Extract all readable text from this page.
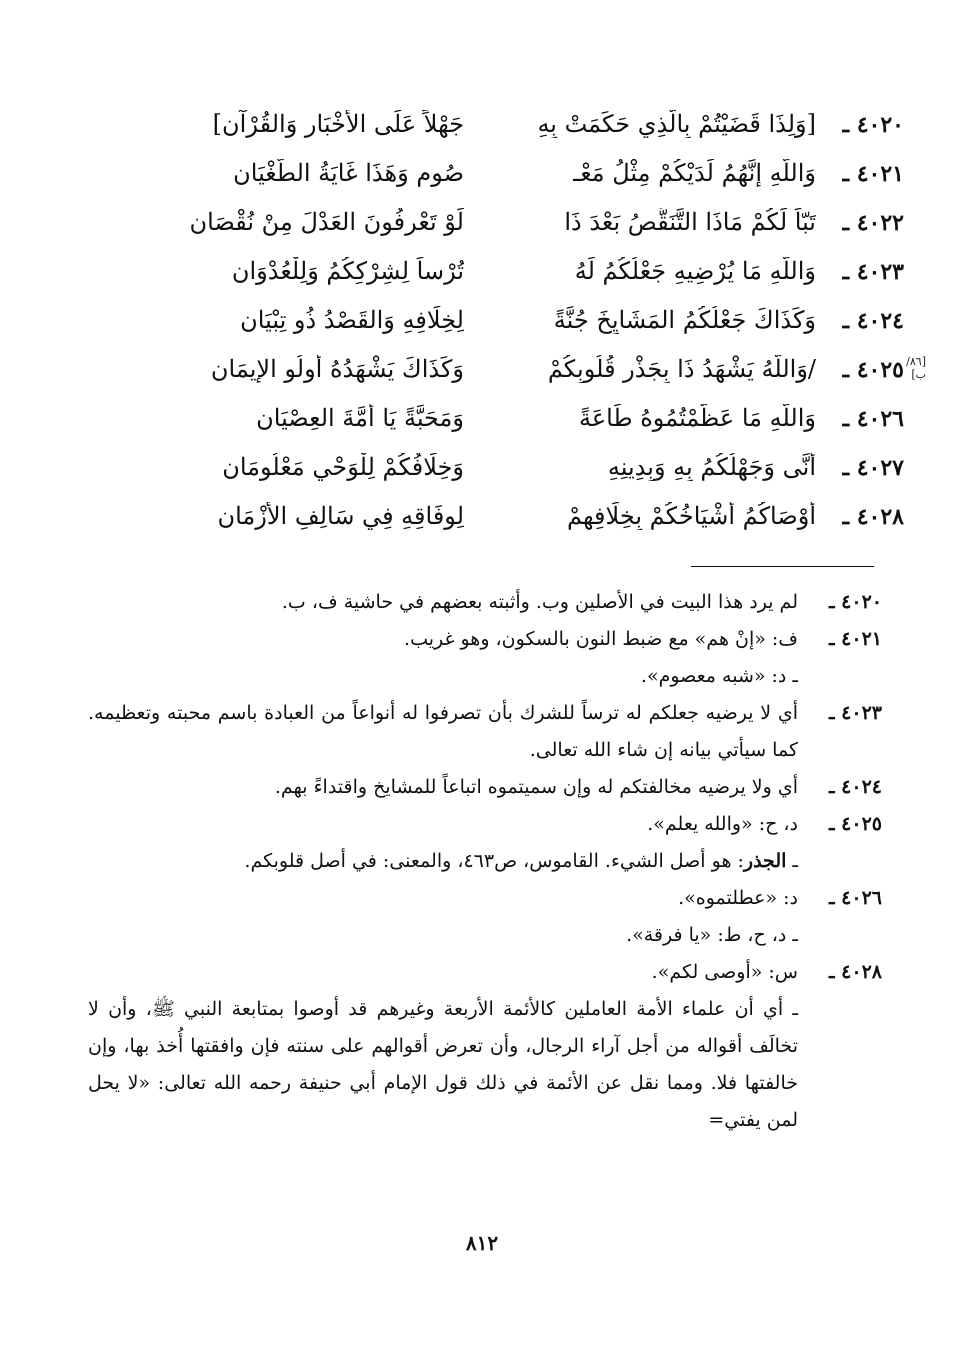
٤٠٢٠ ـ
[وَلِذَا قَضَيْتُمْ بِالَّذِي حَكَمَتْ بِهِ
جَهْلاً عَلَى الأخْبَارِ وَالقُرْآنِ]
٤٠٢١ ـ
وَاللَّهِ إِنَّهُمُ لَدَيْكُمْ مِثْلُ مَعْـ
صُومٍ وَهَذَا غَايَةُ الطُّغْيَانِ
٤٠٢٢ ـ
تَبّاً لَكُمْ مَاذَا التَّنَقُّصُ بَعْدَ ذَا
لَوْ تَعْرِفُونَ العَدْلَ مِنْ نُقْصَانِ
٤٠٢٣ ـ
وَاللَّهِ مَا يُرْضِيهِ جَعْلُكُمُ لَهُ
تُرْساً لِشِرْكِكُمُ وَلِلْعُدْوَانِ
٤٠٢٤ ـ
وَكَذَاكَ جَعْلُكُمُ المَشَايِخَ جُنَّةً
لِخِلَافِهِ وَالقَصْدُ ذُو تِبْيَانِ
[٨٦/ب]
٤٠٢٥ ـ
/وَاللَّهُ يَشْهَدُ ذَا بِجَذْرِ قُلُوبِكُمْ
وَكَذَاكَ يَشْهَدُهُ أُولُو الإِيمَانِ
٤٠٢٦ ـ
وَاللَّهِ مَا عَظَّمْتُمُوهُ طَاعَةً
وَمَحَبَّةً يَا أُمَّةَ العِصْيَانِ
٤٠٢٧ ـ
أَنَّى وَجَهْلُكُمُ بِهِ وَبِدِينِهِ
وَخِلَافُكُمْ لِلْوَحْيِ مَعْلُومَانِ
٤٠٢٨ ـ
أَوْصَاكُمُ أَشْيَاخُكُمْ بِخِلَافِهِمْ
لِوِفَاقِهِ فِي سَالِفِ الأزْمَانِ
٤٠٢٠ ـ
لم يرد هذا البيت في الأصلين وب. وأثبته بعضهم في حاشية ف، ب.
٤٠٢١ ـ
ف: «إنْ هم» مع ضبط النون بالسكون، وهو غريب.
ـ د: «شبه معصوم».
٤٠٢٣ ـ
أي لا يرضيه جعلكم له ترساً للشرك بأن تصرفوا له أنواعاً من العبادة باسم محبته وتعظيمه. كما سيأتي بيانه إن شاء الله تعالى.
٤٠٢٤ ـ
أي ولا يرضيه مخالفتكم له وإن سميتموه اتباعاً للمشايخ واقتداءً بهم.
٤٠٢٥ ـ
د، ح: «والله يعلم».
ـ الجذر: هو أصل الشيء. القاموس، ص٤٦٣، والمعنى: في أصل قلوبكم.
٤٠٢٦ ـ
د: «عطلتموه».
ـ د، ح، ط: «يا فرقة».
٤٠٢٨ ـ
س: «أوصى لكم».
ـ أي أن علماء الأمة العاملين كالأئمة الأربعة وغيرهم قد أوصوا بمتابعة النبي ﷺ، وأن لا تخالَف أقواله من أجل آراء الرجال، وأن تعرض أقوالهم على سنته فإن وافقتها أُخذ بها، وإن خالفتها فلا. ومما نقل عن الأئمة في ذلك قول الإمام أبي حنيفة رحمه الله تعالى: «لا يحل لمن يفتي=
٨١٢
